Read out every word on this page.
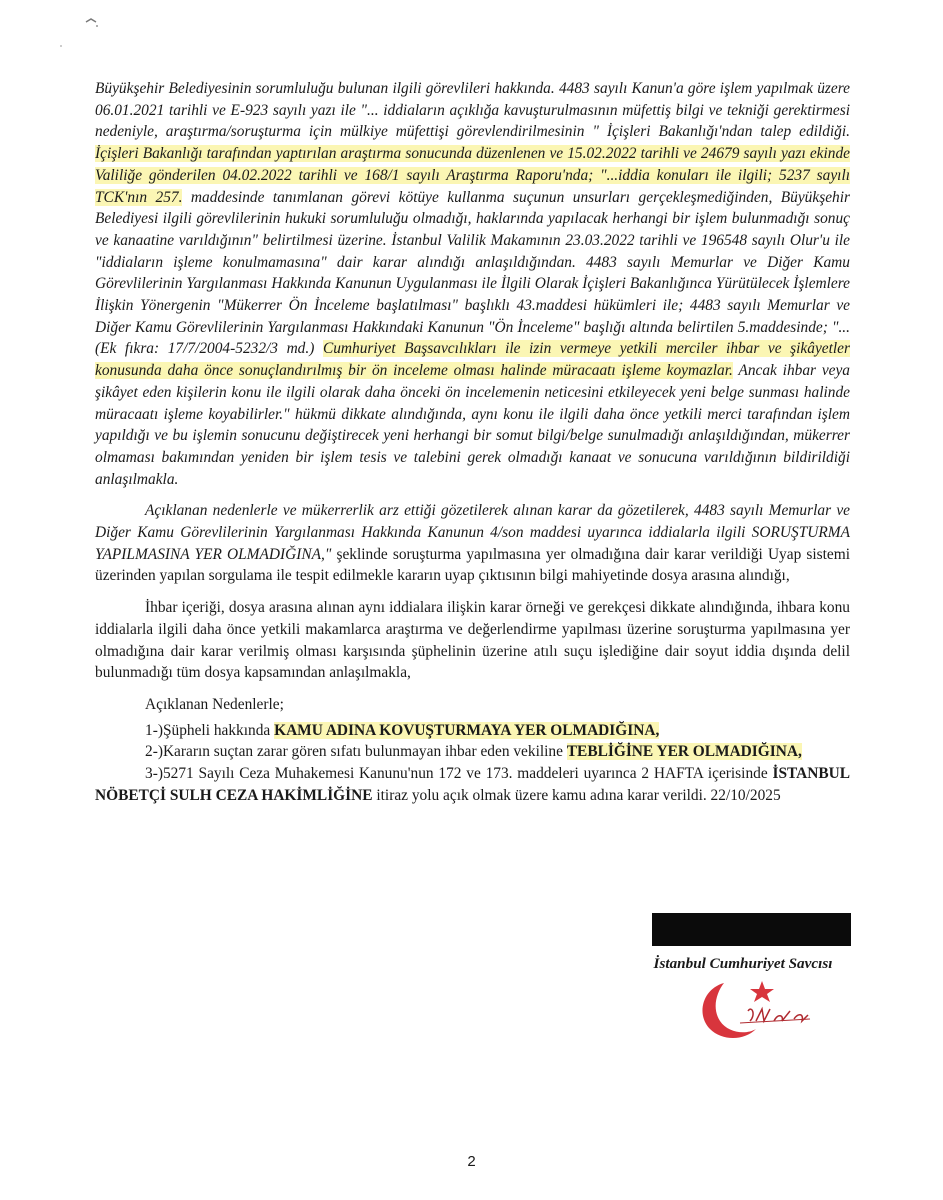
Büyükşehir Belediyesinin sorumluluğu bulunan ilgili görevlileri hakkında. 4483 sayılı Kanun'a göre işlem yapılmak üzere 06.01.2021 tarihli ve E-923 sayılı yazı ile "... iddiaların açıklığa kavuşturulmasının müfettiş bilgi ve tekniği gerektirmesi nedeniyle, araştırma/soruşturma için mülkiye müfettişi görevlendirilmesinin " İçişleri Bakanlığı'ndan talep edildiği. İçişleri Bakanlığı tarafından yaptırılan araştırma sonucunda düzenlenen ve 15.02.2022 tarihli ve 24679 sayılı yazı ekinde Valiliğe gönderilen 04.02.2022 tarihli ve 168/1 sayılı Araştırma Raporu'nda; "...iddia konuları ile ilgili; 5237 sayılı TCK'nın 257. maddesinde tanımlanan görevi kötüye kullanma suçunun unsurları gerçekleşmediğinden, Büyükşehir Belediyesi ilgili görevlilerinin hukuki sorumluluğu olmadığı, haklarında yapılacak herhangi bir işlem bulunmadığı sonuç ve kanaatine varıldığının" belirtilmesi üzerine. İstanbul Valilik Makamının 23.03.2022 tarihli ve 196548 sayılı Olur'u ile "iddiaların işleme konulmamasına" dair karar alındığı anlaşıldığından. 4483 sayılı Memurlar ve Diğer Kamu Görevlilerinin Yargılanması Hakkında Kanunun Uygulanması ile İlgili Olarak İçişleri Bakanlığınca Yürütülecek İşlemlere İlişkin Yönergenin "Mükerrer Ön İnceleme başlatılması" başlıklı 43.maddesi hükümleri ile; 4483 sayılı Memurlar ve Diğer Kamu Görevlilerinin Yargılanması Hakkındaki Kanunun "Ön İnceleme" başlığı altında belirtilen 5.maddesinde; "... (Ek fıkra: 17/7/2004-5232/3 md.) Cumhuriyet Başsavcılıkları ile izin vermeye yetkili merciler ihbar ve şikâyetler konusunda daha önce sonuçlandırılmış bir ön inceleme olması halinde müracaatı işleme koymazlar. Ancak ihbar veya şikâyet eden kişilerin konu ile ilgili olarak daha önceki ön incelemenin neticesini etkileyecek yeni belge sunması halinde müracaatı işleme koyabilirler." hükmü dikkate alındığında, aynı konu ile ilgili daha önce yetkili merci tarafından işlem yapıldığı ve bu işlemin sonucunu değiştirecek yeni herhangi bir somut bilgi/belge sunulmadığı anlaşıldığından, mükerrer olmaması bakımından yeniden bir işlem tesis ve talebini gerek olmadığı kanaat ve sonucuna varıldığının bildirildiği anlaşılmakla.

Açıklanan nedenlerle ve mükerrerlik arz ettiği gözetilerek alınan karar da gözetilerek, 4483 sayılı Memurlar ve Diğer Kamu Görevlilerinin Yargılanması Hakkında Kanunun 4/son maddesi uyarınca iddialarla ilgili SORUŞTURMA YAPILMASINA YER OLMADIĞINA," şeklinde soruşturma yapılmasına yer olmadığına dair karar verildiği Uyap sistemi üzerinden yapılan sorgulama ile tespit edilmekle kararın uyap çıktısının bilgi mahiyetinde dosya arasına alındığı,

İhbar içeriği, dosya arasına alınan aynı iddialara ilişkin karar örneği ve gerekçesi dikkate alındığında, ihbara konu iddialarla ilgili daha önce yetkili makamlarca araştırma ve değerlendirme yapılması üzerine soruşturma yapılmasına yer olmadığına dair karar verilmiş olması karşısında şüphelinin üzerine atılı suçu işlediğine dair soyut iddia dışında delil bulunmadığı tüm dosya kapsamından anlaşılmakla,

Açıklanan Nedenlerle;

1-)Şüpheli hakkında KAMU ADINA KOVUŞTURMAYA YER OLMADIĞINA,

2-)Kararın suçtan zarar gören sıfatı bulunmayan ihbar eden vekiline TEBLİĞİNE YER OLMADIĞINA,

3-)5271 Sayılı Ceza Muhakemesi Kanunu'nun 172 ve 173. maddeleri uyarınca 2 HAFTA içerisinde İSTANBUL NÖBETÇİ SULH CEZA HAKİMLİĞİNE itiraz yolu açık olmak üzere kamu adına karar verildi. 22/10/2025

İstanbul Cumhuriyet Savcısı
2
